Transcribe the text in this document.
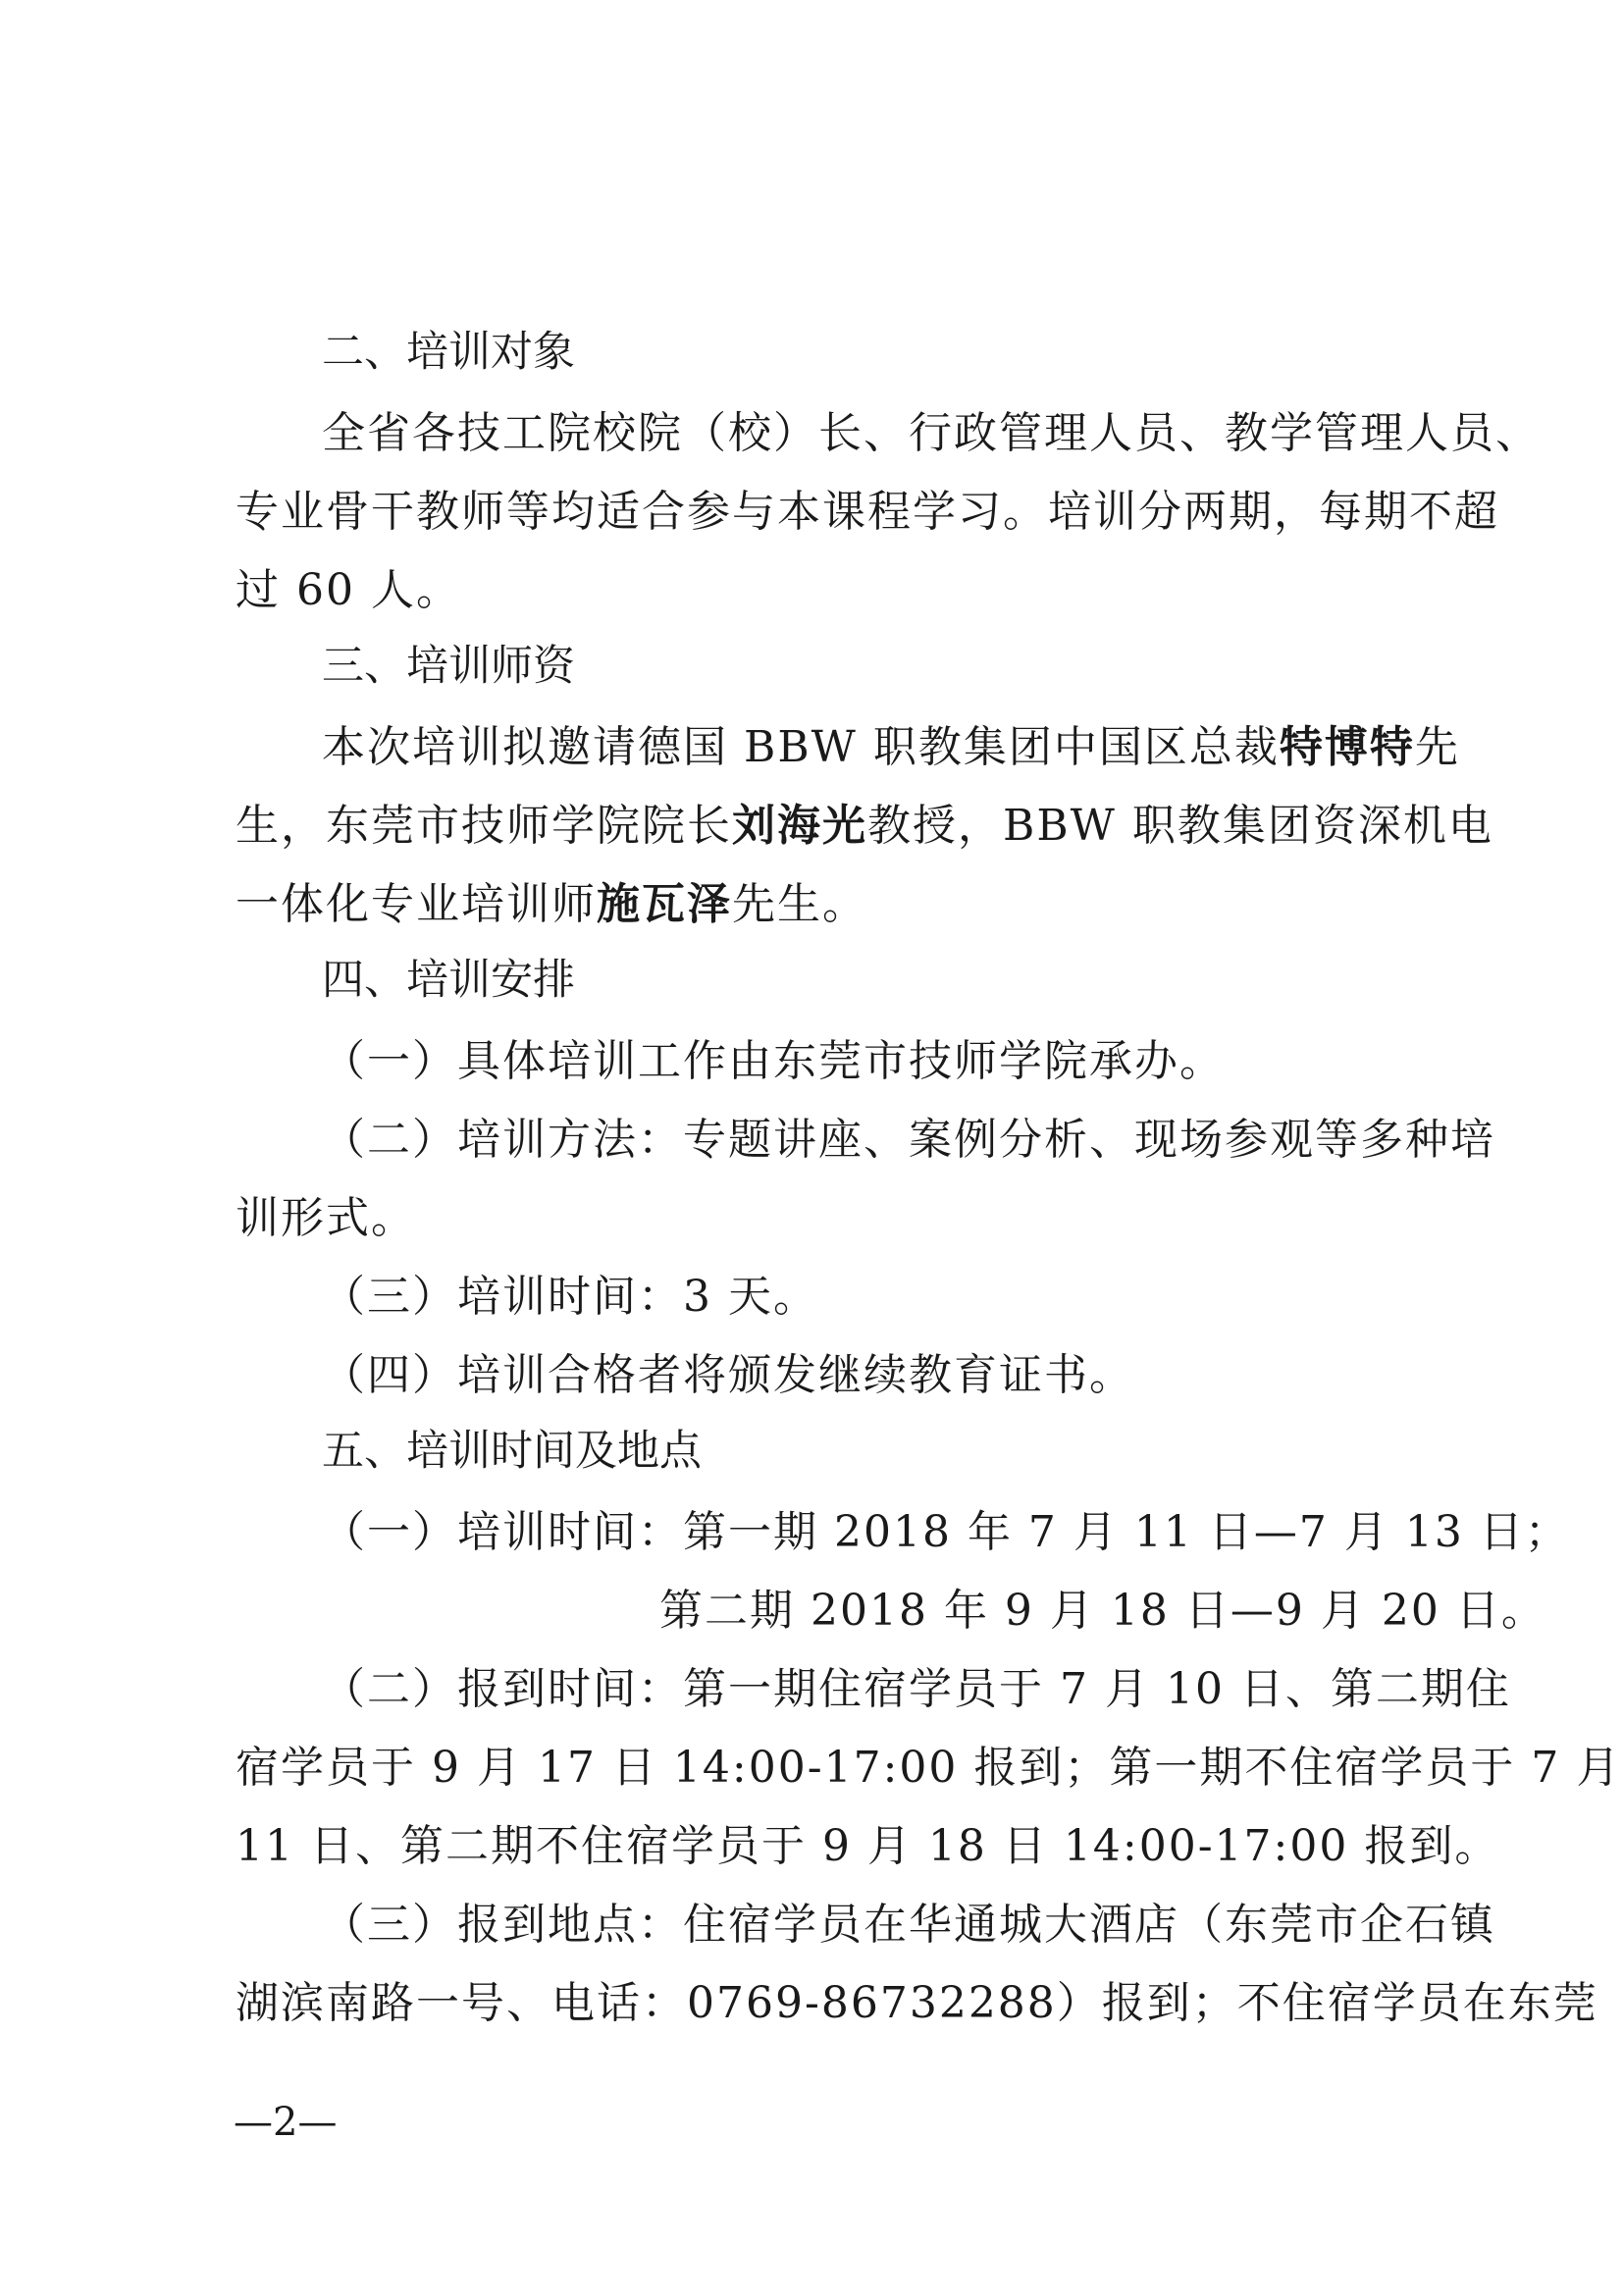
二、培训对象
全省各技工院校院（校）长、行政管理人员、教学管理人员、
专业骨干教师等均适合参与本课程学习。培训分两期，每期不超
过 60 人。
三、培训师资
本次培训拟邀请德国 BBW 职教集团中国区总裁特博特先
生，东莞市技师学院院长刘海光教授，BBW 职教集团资深机电
一体化专业培训师施瓦泽先生。
四、培训安排
（一）具体培训工作由东莞市技师学院承办。
（二）培训方法：专题讲座、案例分析、现场参观等多种培
训形式。
（三）培训时间：3 天。
（四）培训合格者将颁发继续教育证书。
五、培训时间及地点
（一）培训时间：第一期 2018 年 7 月 11 日—7 月 13 日；
第二期 2018 年 9 月 18 日—9 月 20 日。
（二）报到时间：第一期住宿学员于 7 月 10 日、第二期住
宿学员于 9 月 17 日 14:00-17:00 报到；第一期不住宿学员于 7 月
11 日、第二期不住宿学员于 9 月 18 日 14:00-17:00 报到。
（三）报到地点：住宿学员在华通城大酒店（东莞市企石镇
湖滨南路一号、电话：0769-86732288）报到；不住宿学员在东莞
—2—
